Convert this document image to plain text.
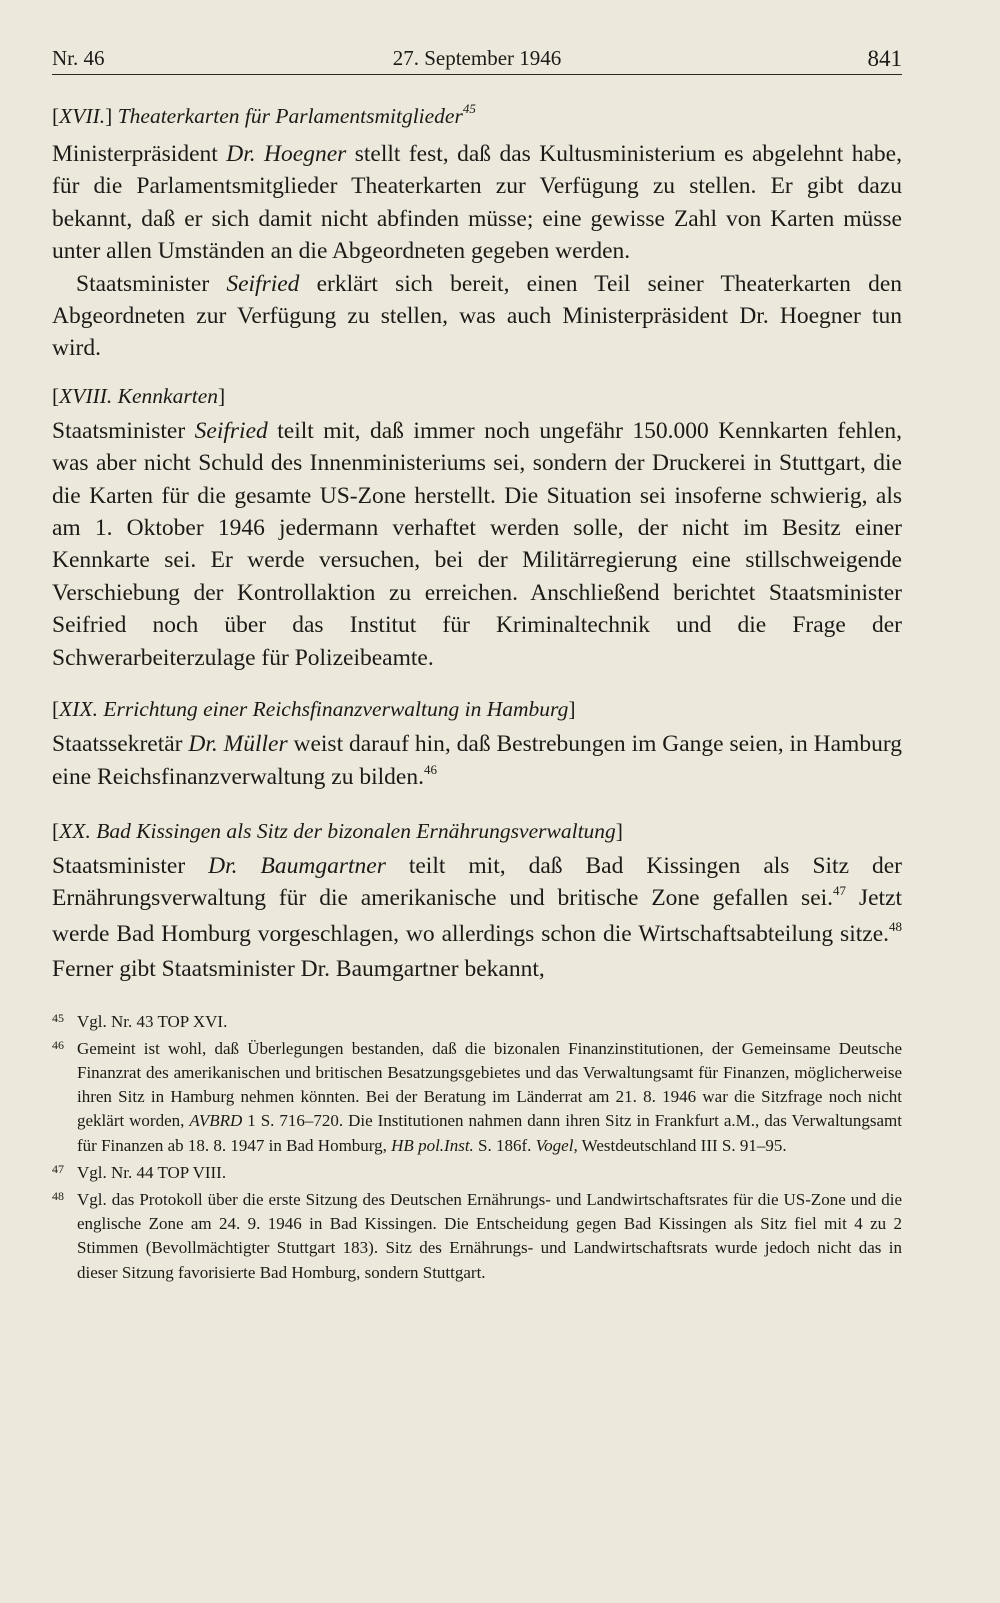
Nr. 46	27. September 1946	841

[XVII.] Theaterkarten für Parlamentsmitglieder$^{45}$

Ministerpräsident Dr. Hoegner stellt fest, daß das Kultusministerium es abgelehnt habe, für die Parlamentsmitglieder Theaterkarten zur Verfügung zu stellen. Er gibt dazu bekannt, daß er sich damit nicht abfinden müsse; eine gewisse Zahl von Karten müsse unter allen Umständen an die Abgeordneten gegeben werden.

Staatsminister Seifried erklärt sich bereit, einen Teil seiner Theaterkarten den Abgeordneten zur Verfügung zu stellen, was auch Ministerpräsident Dr. Hoegner tun wird.

[XVIII. Kennkarten]

Staatsminister Seifried teilt mit, daß immer noch ungefähr 150.000 Kennkarten fehlen, was aber nicht Schuld des Innenministeriums sei, sondern der Druckerei in Stuttgart, die die Karten für die gesamte US-Zone herstellt. Die Situation sei insoferne schwierig, als am 1. Oktober 1946 jedermann verhaftet werden solle, der nicht im Besitz einer Kennkarte sei. Er werde versuchen, bei der Militärregierung eine stillschweigende Verschiebung der Kontrollaktion zu erreichen. Anschließend berichtet Staatsminister Seifried noch über das Institut für Kriminaltechnik und die Frage der Schwerarbeiterzulage für Polizeibeamte.

[XIX. Errichtung einer Reichsfinanzverwaltung in Hamburg]

Staatssekretär Dr. Müller weist darauf hin, daß Bestrebungen im Gange seien, in Hamburg eine Reichsfinanzverwaltung zu bilden.$^{46}$

[XX. Bad Kissingen als Sitz der bizonalen Ernährungsverwaltung]

Staatsminister Dr. Baumgartner teilt mit, daß Bad Kissingen als Sitz der Ernährungsverwaltung für die amerikanische und britische Zone gefallen sei.$^{47}$ Jetzt werde Bad Homburg vorgeschlagen, wo allerdings schon die Wirtschaftsabteilung sitze.$^{48}$ Ferner gibt Staatsminister Dr. Baumgartner bekannt,

45 Vgl. Nr. 43 TOP XVI.

46 Gemeint ist wohl, daß Überlegungen bestanden, daß die bizonalen Finanzinstitutionen, der Gemeinsame Deutsche Finanzrat des amerikanischen und britischen Besatzungsgebietes und das Verwaltungsamt für Finanzen, möglicherweise ihren Sitz in Hamburg nehmen könnten. Bei der Beratung im Länderrat am 21. 8. 1946 war die Sitzfrage noch nicht geklärt worden, AVBRD 1 S. 716–720. Die Institutionen nahmen dann ihren Sitz in Frankfurt a.M., das Verwaltungsamt für Finanzen ab 18. 8. 1947 in Bad Homburg, HB pol.Inst. S. 186f. Vogel, Westdeutschland III S. 91–95.

47 Vgl. Nr. 44 TOP VIII.

48 Vgl. das Protokoll über die erste Sitzung des Deutschen Ernährungs- und Landwirtschaftsrates für die US-Zone und die englische Zone am 24. 9. 1946 in Bad Kissingen. Die Entscheidung gegen Bad Kissingen als Sitz fiel mit 4 zu 2 Stimmen (Bevollmächtigter Stuttgart 183). Sitz des Ernährungs- und Landwirtschaftsrats wurde jedoch nicht das in dieser Sitzung favorisierte Bad Homburg, sondern Stuttgart.
